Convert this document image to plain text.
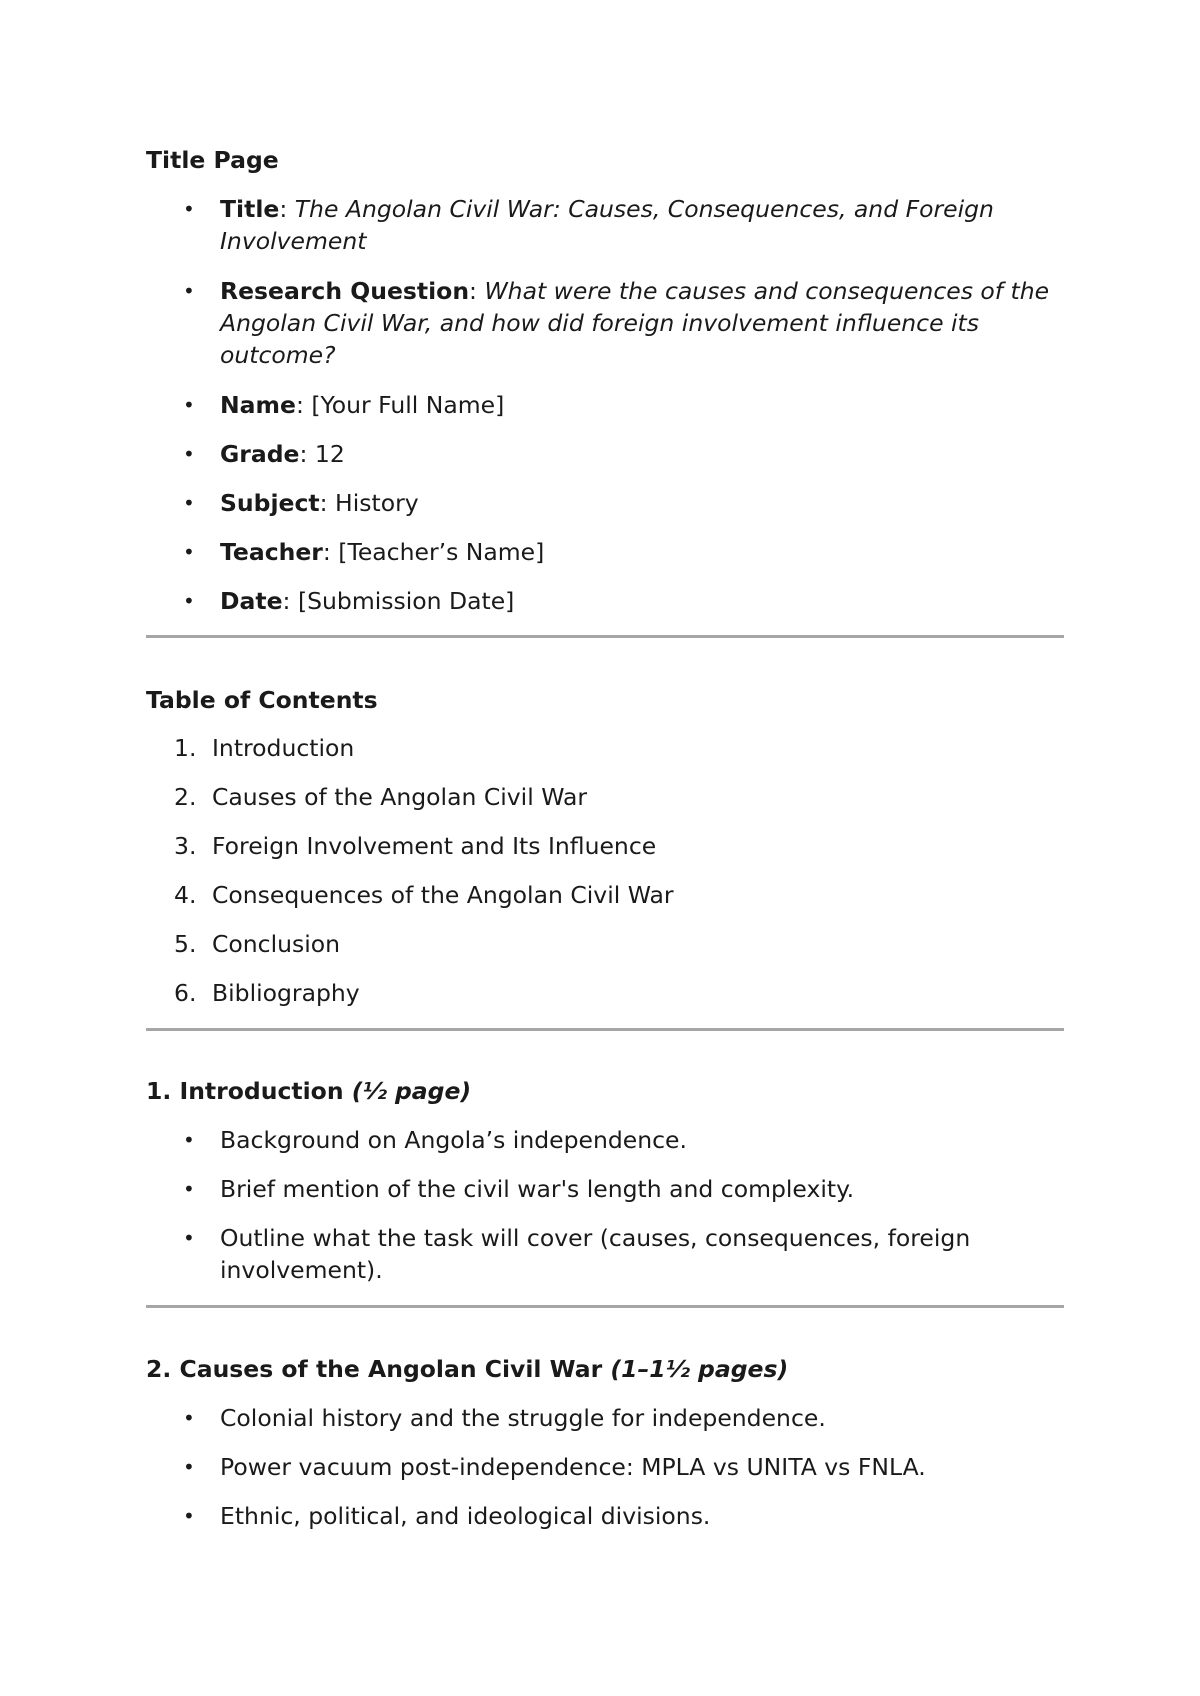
Title Page
• Title: The Angolan Civil War: Causes, Consequences, and Foreign Involvement
• Research Question: What were the causes and consequences of the Angolan Civil War, and how did foreign involvement influence its outcome?
• Name: [Your Full Name]
• Grade: 12
• Subject: History
• Teacher: [Teacher’s Name]
• Date: [Submission Date]
Table of Contents
1. Introduction
2. Causes of the Angolan Civil War
3. Foreign Involvement and Its Influence
4. Consequences of the Angolan Civil War
5. Conclusion
6. Bibliography
1. Introduction (½ page)
• Background on Angola’s independence.
• Brief mention of the civil war's length and complexity.
• Outline what the task will cover (causes, consequences, foreign involvement).
2. Causes of the Angolan Civil War (1–1½ pages)
• Colonial history and the struggle for independence.
• Power vacuum post-independence: MPLA vs UNITA vs FNLA.
• Ethnic, political, and ideological divisions.
